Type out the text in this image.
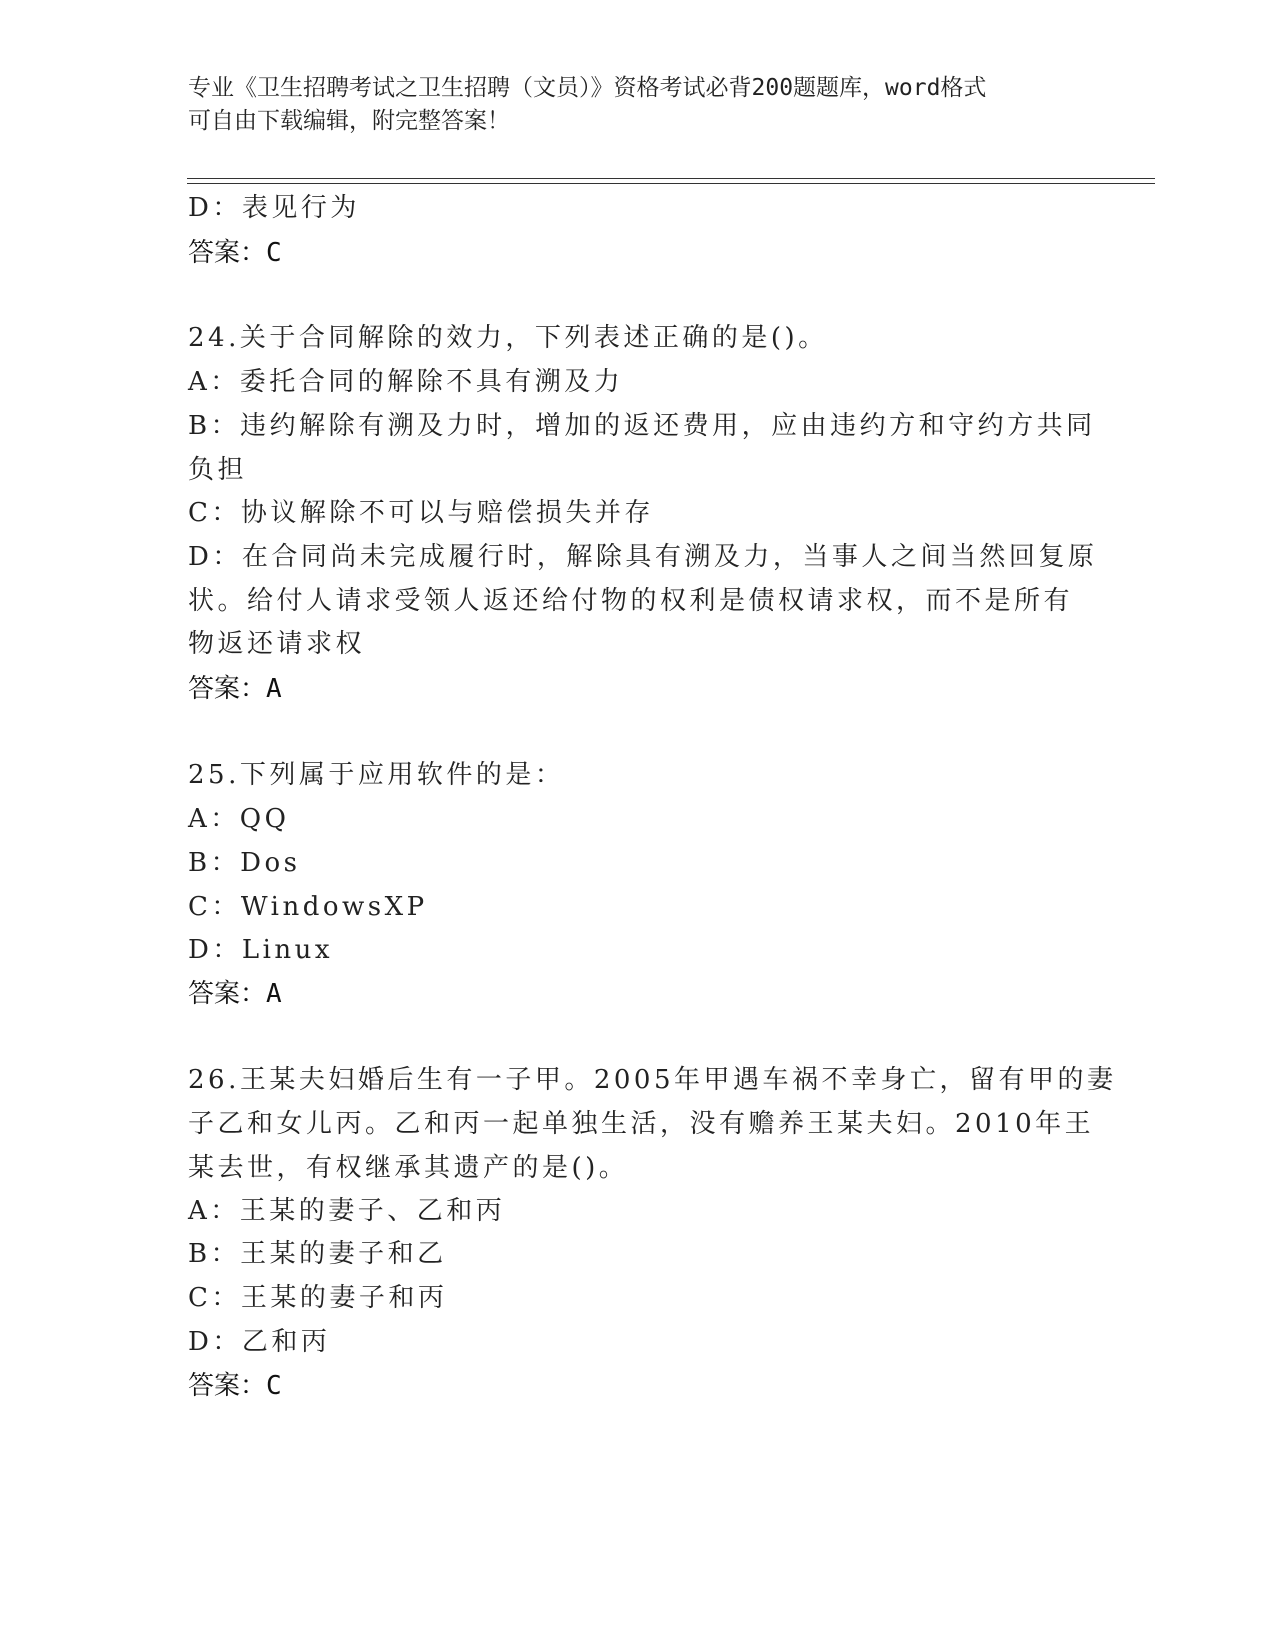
专业《卫生招聘考试之卫生招聘（文员）》资格考试必背200题题库，word格式
可自由下载编辑，附完整答案！
D：表见行为
答案：C
24.关于合同解除的效力，下列表述正确的是()。
A：委托合同的解除不具有溯及力
B：违约解除有溯及力时，增加的返还费用，应由违约方和守约方共同
负担
C：协议解除不可以与赔偿损失并存
D：在合同尚未完成履行时，解除具有溯及力，当事人之间当然回复原
状。给付人请求受领人返还给付物的权利是债权请求权，而不是所有
物返还请求权
答案：A
25.下列属于应用软件的是：
A：QQ
B：Dos
C：WindowsXP
D：Linux
答案：A
26.王某夫妇婚后生有一子甲。2005年甲遇车祸不幸身亡，留有甲的妻
子乙和女儿丙。乙和丙一起单独生活，没有赡养王某夫妇。2010年王
某去世，有权继承其遗产的是()。
A：王某的妻子、乙和丙
B：王某的妻子和乙
C：王某的妻子和丙
D：乙和丙
答案：C
